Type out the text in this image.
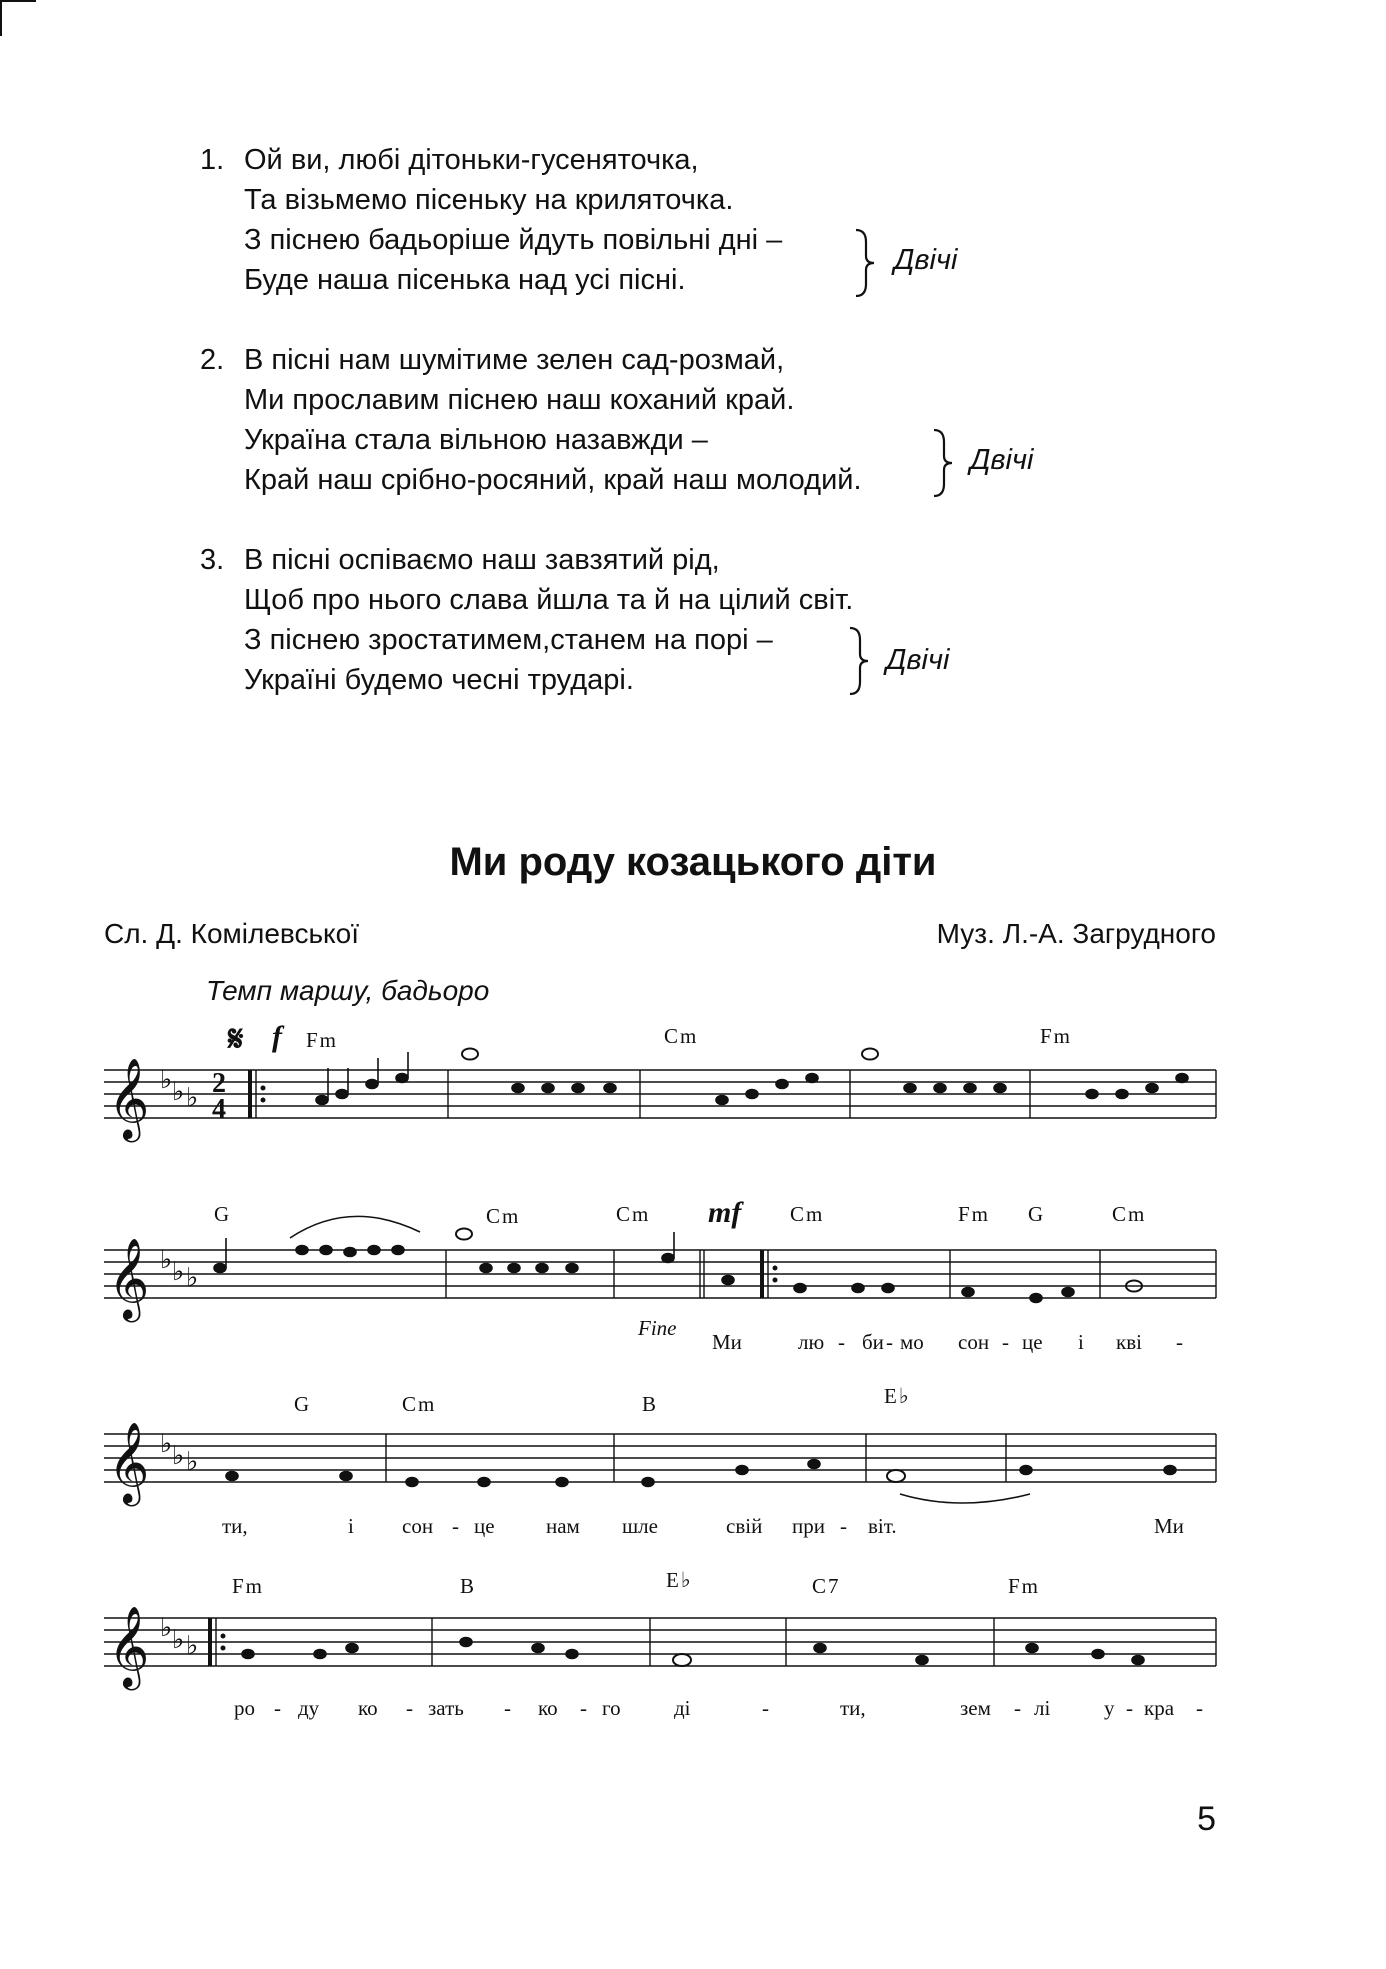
1. Ой ви, любі дітоньки-гусеняточка,
Та візьмемо пісеньку на криляточка.
З піснею бадьоріше йдуть повільні дні –
Буде наша пісенька над усі пісні.
Двічі
2. В пісні нам шумітиме зелен сад-розмай,
Ми прославим піснею наш коханий край.
Україна стала вільною назавжди –
Край наш срібно-росяний, край наш молодий.
Двічі
3. В пісні оспіваємо наш завзятий рід,
Щоб про нього слава йшла та й на цілий світ.
З піснею зростатимем,станем на порі –
Україні будемо чесні трударі.
Двічі
Ми роду козацького діти
Сл. Д. Комілевської	Муз. Л.-А. Загрудного
Темп маршу, бадьоро
𝄋 f Fm	Cm	Fm
𝄞 ♭ ♭ ♭ 2
4
G	Cm	Cm mf Cm	Fm G	Cm
Fine
Ми	лю - би - мо сон - це і кві -
𝄞 ♭ ♭ ♭
G	Cm	B	E♭
ти,	і сон - це нам шле	свій при - віт.	Ми
𝄞 ♭ ♭ ♭
Fm	B	E♭	C7	Fm
ро - ду ко - зать - ко - го	ді	-	ти,	зем - лі	у - кра -
𝄞 ♭ ♭ ♭
5
